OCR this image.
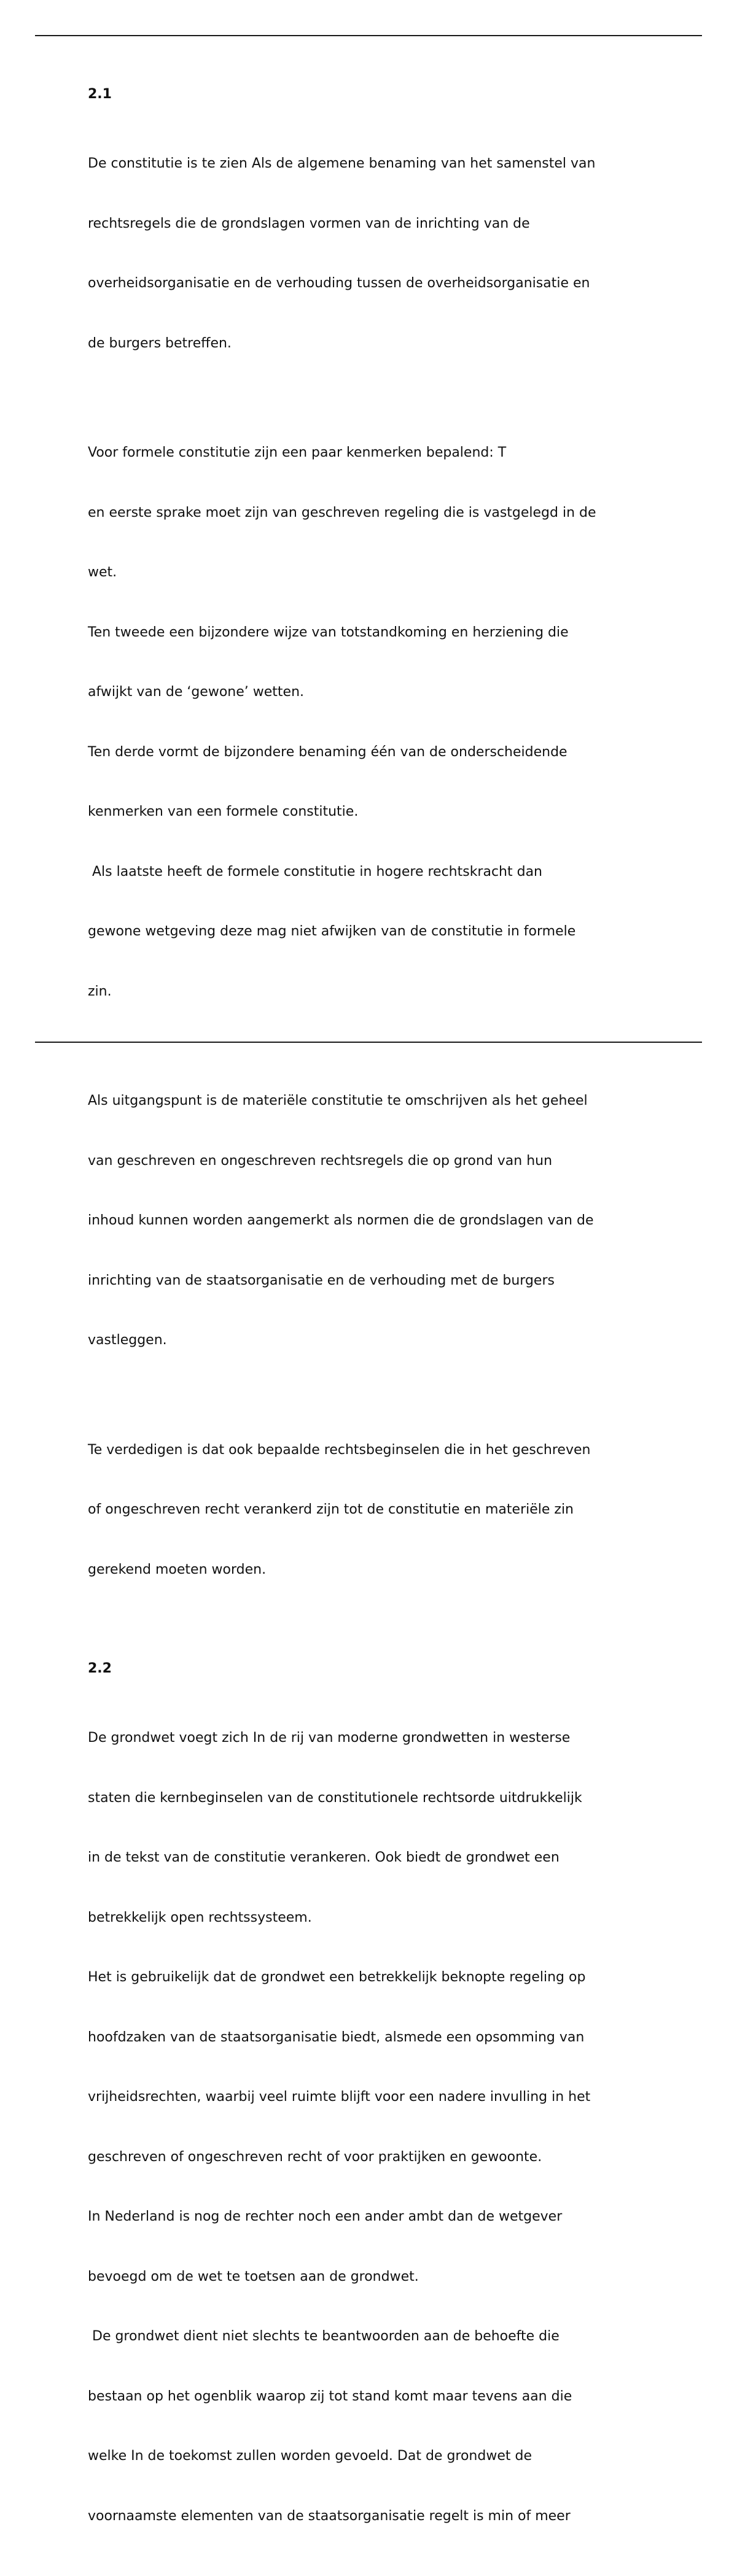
2.1

De constitutie is te zien Als de algemene benaming van het samenstel van

rechtsregels die de grondslagen vormen van de inrichting van de

overheidsorganisatie en de verhouding tussen de overheidsorganisatie en

de burgers betreffen.

Voor formele constitutie zijn een paar kenmerken bepalend: T

en eerste sprake moet zijn van geschreven regeling die is vastgelegd in de

wet.

Ten tweede een bijzondere wijze van totstandkoming en herziening die

afwijkt van de ‘gewone’ wetten.

Ten derde vormt de bijzondere benaming één van de onderscheidende

kenmerken van een formele constitutie.

Als laatste heeft de formele constitutie in hogere rechtskracht dan

gewone wetgeving deze mag niet afwijken van de constitutie in formele

zin.

Als uitgangspunt is de materiële constitutie te omschrijven als het geheel

van geschreven en ongeschreven rechtsregels die op grond van hun

inhoud kunnen worden aangemerkt als normen die de grondslagen van de

inrichting van de staatsorganisatie en de verhouding met de burgers

vastleggen.

Te verdedigen is dat ook bepaalde rechtsbeginselen die in het geschreven

of ongeschreven recht verankerd zijn tot de constitutie en materiële zin

gerekend moeten worden.

2.2

De grondwet voegt zich In de rij van moderne grondwetten in westerse

staten die kernbeginselen van de constitutionele rechtsorde uitdrukkelijk

in de tekst van de constitutie verankeren. Ook biedt de grondwet een

betrekkelijk open rechtssysteem.

Het is gebruikelijk dat de grondwet een betrekkelijk beknopte regeling op

hoofdzaken van de staatsorganisatie biedt, alsmede een opsomming van

vrijheidsrechten, waarbij veel ruimte blijft voor een nadere invulling in het

geschreven of ongeschreven recht of voor praktijken en gewoonte.

In Nederland is nog de rechter noch een ander ambt dan de wetgever

bevoegd om de wet te toetsen aan de grondwet.

De grondwet dient niet slechts te beantwoorden aan de behoefte die

bestaan op het ogenblik waarop zij tot stand komt maar tevens aan die

welke In de toekomst zullen worden gevoeld. Dat de grondwet de

voornaamste elementen van de staatsorganisatie regelt is min of meer
